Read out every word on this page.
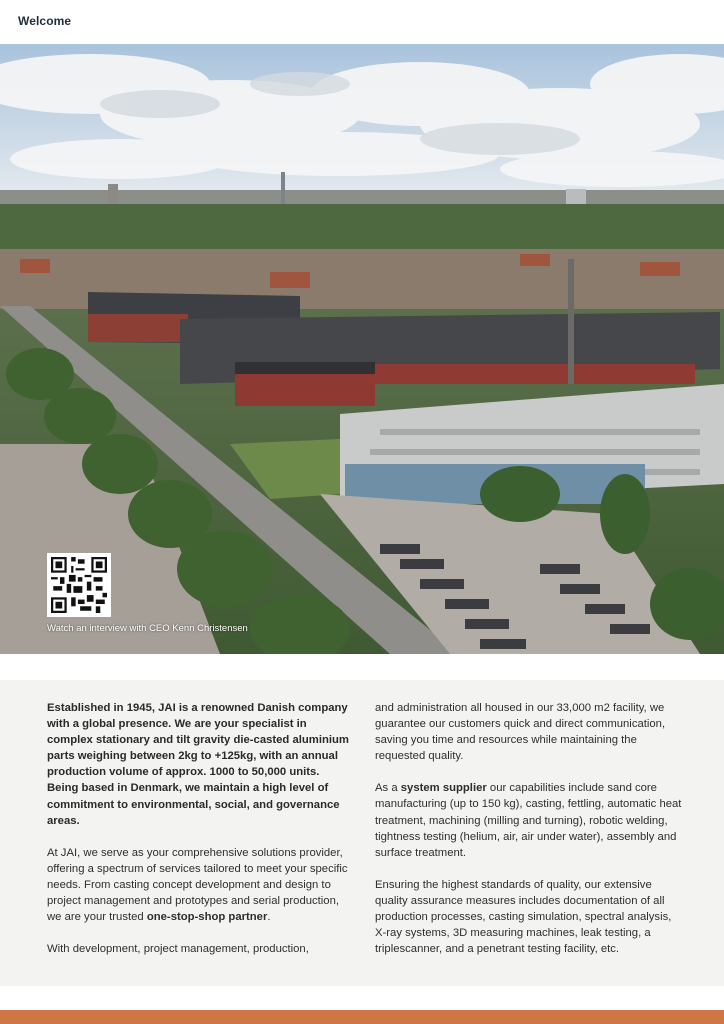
Welcome
Watch an interview with CEO Kenn Christensen

Established in 1945, JAI is a renowned Danish company with a global presence. We are your specialist in complex stationary and tilt gravity die-casted aluminium parts weighing between 2kg to +125kg, with an annual production volume of approx. 1000 to 50,000 units. Being based in Denmark, we maintain a high level of commitment to environmental, social, and governance areas.

At JAI, we serve as your comprehensive solutions provider, offering a spectrum of services tailored to meet your specific needs. From casting concept development and design to project management and prototypes and serial production, we are your trusted one-stop-shop partner.

With development, project management, production,

and administration all housed in our 33,000 m2 facility, we guarantee our customers quick and direct communication, saving you time and resources while maintaining the requested quality.

As a system supplier our capabilities include sand core manufacturing (up to 150 kg), casting, fettling, automatic heat treatment, machining (milling and turning), robotic welding, tightness testing (helium, air, air under water), assembly and surface treatment.

Ensuring the highest standards of quality, our extensive quality assurance measures includes documentation of all production processes, casting simulation, spectral analysis, X-ray systems, 3D measuring machines, leak testing, a triplescanner, and a penetrant testing facility, etc.
